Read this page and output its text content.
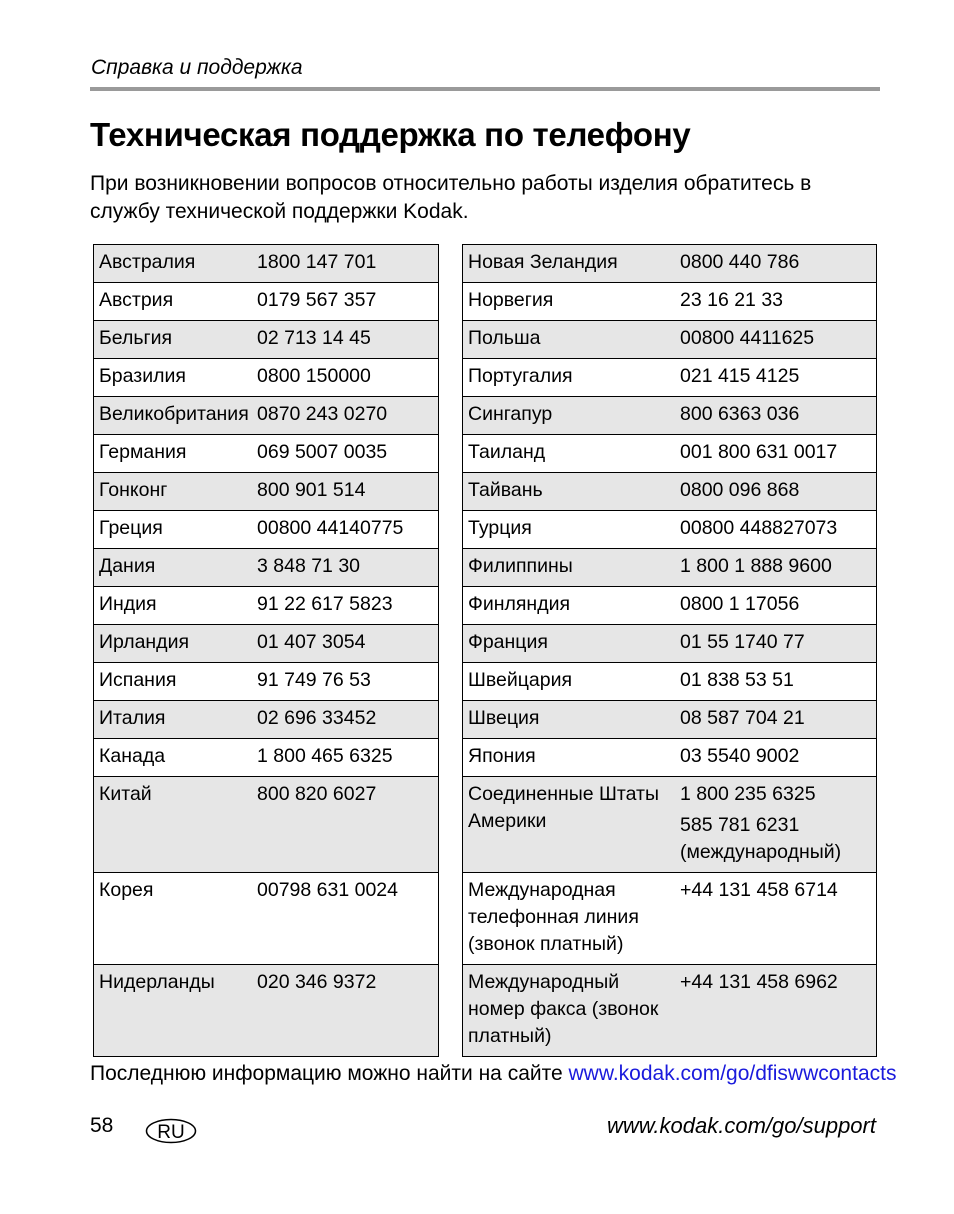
Справка и поддержка
Техническая поддержка по телефону

При возникновении вопросов относительно работы изделия обратитесь в службу технической поддержки Kodak.

Австралия	1800 147 701

Австрия	0179 567 357

Бельгия	02 713 14 45

Бразилия	0800 150000

Великобритания	0870 243 0270

Германия	069 5007 0035

Гонконг	800 901 514

Греция	00800 44140775

Дания	3 848 71 30

Индия	91 22 617 5823

Ирландия	01 407 3054

Испания	91 749 76 53

Италия	02 696 33452

Канада	1 800 465 6325

Китай	800 820 6027

Корея	00798 631 0024

Нидерланды	020 346 9372
Новая Зеландия	0800 440 786

Норвегия	23 16 21 33

Польша	00800 4411625

Португалия	021 415 4125

Сингапур	800 6363 036

Таиланд	001 800 631 0017

Тайвань	0800 096 868

Турция	00800 448827073

Филиппины	1 800 1 888 9600

Финляндия	0800 1 17056

Франция	01 55 1740 77

Швейцария	01 838 53 51

Швеция	08 587 704 21

Япония	03 5540 9002

Соединенные Штаты Америки	1 800 235 6325
585 781 6231 (международный)

Международная телефонная линия (звонок платный)	+44 131 458 6714

Международный номер факса (звонок платный)	+44 131 458 6962

Последнюю информацию можно найти на сайте www.kodak.com/go/dfiswwcontacts

58 RU	www.kodak.com/go/support
